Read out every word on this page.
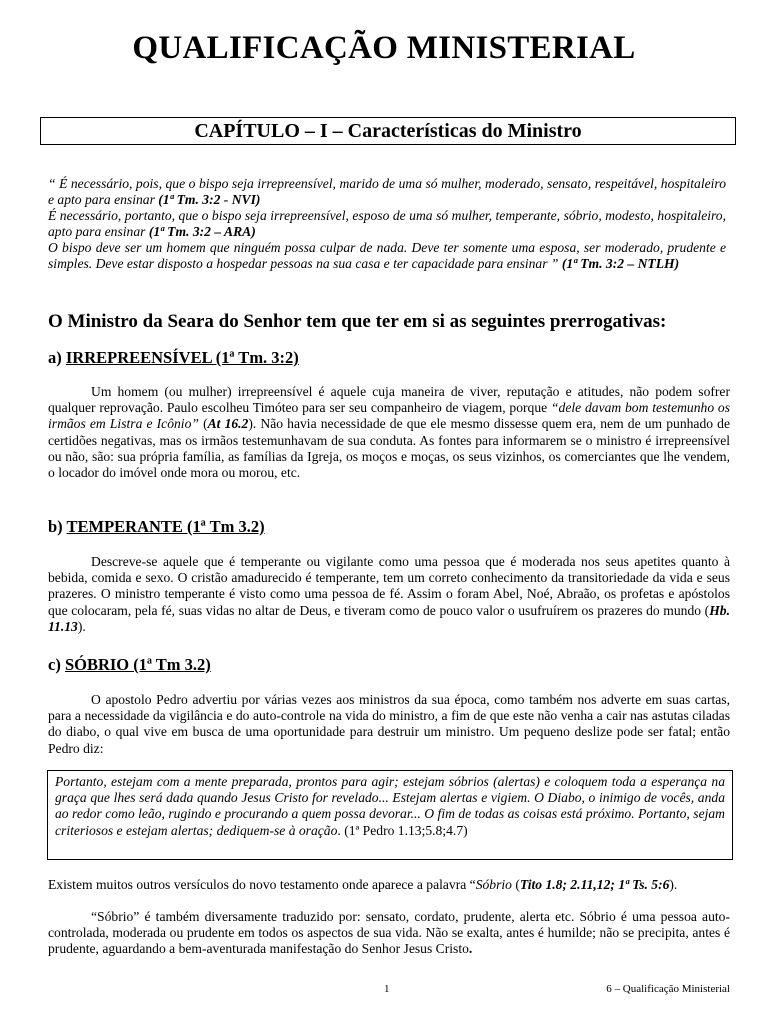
QUALIFICAÇÃO MINISTERIAL
CAPÍTULO – I – Características do Ministro

“ É necessário, pois, que o bispo seja irrepreensível, marido de uma só mulher, moderado, sensato, respeitável, hospitaleiro e apto para ensinar (1ª Tm. 3:2 - NVI)

É necessário, portanto, que o bispo seja irrepreensível, esposo de uma só mulher, temperante, sóbrio, modesto, hospitaleiro, apto para ensinar (1ª Tm. 3:2 – ARA)

O bispo deve ser um homem que ninguém possa culpar de nada. Deve ter somente uma esposa, ser moderado, prudente e simples. Deve estar disposto a hospedar pessoas na sua casa e ter capacidade para ensinar ” (1ª Tm. 3:2 – NTLH)

O Ministro da Seara do Senhor tem que ter em si as seguintes prerrogativas:
a) IRREPREENSÍVEL (1ª Tm. 3:2)

Um homem (ou mulher) irrepreensível é aquele cuja maneira de viver, reputação e atitudes, não podem sofrer qualquer reprovação. Paulo escolheu Timóteo para ser seu companheiro de viagem, porque “dele davam bom testemunho os irmãos em Listra e Icônio” (At 16.2). Não havia necessidade de que ele mesmo dissesse quem era, nem de um punhado de certidões negativas, mas os irmãos testemunhavam de sua conduta. As fontes para informarem se o ministro é irrepreensível ou não, são: sua própria família, as famílias da Igreja, os moços e moças, os seus vizinhos, os comerciantes que lhe vendem, o locador do imóvel onde mora ou morou, etc.

b) TEMPERANTE (1ª Tm 3.2)

Descreve-se aquele que é temperante ou vigilante como uma pessoa que é moderada nos seus apetites quanto à bebida, comida e sexo. O cristão amadurecido é temperante, tem um correto conhecimento da transitoriedade da vida e seus prazeres. O ministro temperante é visto como uma pessoa de fé. Assim o foram Abel, Noé, Abraão, os profetas e apóstolos que colocaram, pela fé, suas vidas no altar de Deus, e tiveram como de pouco valor o usufruírem os prazeres do mundo (Hb. 11.13).

c) SÓBRIO (1ª Tm 3.2)

O apostolo Pedro advertiu por várias vezes aos ministros da sua época, como também nos adverte em suas cartas, para a necessidade da vigilância e do auto-controle na vida do ministro, a fim de que este não venha a cair nas astutas ciladas do diabo, o qual vive em busca de uma oportunidade para destruir um ministro. Um pequeno deslize pode ser fatal; então Pedro diz:

Portanto, estejam com a mente preparada, prontos para agir; estejam sóbrios (alertas) e coloquem toda a esperança na graça que lhes será dada quando Jesus Cristo for revelado... Estejam alertas e vigiem. O Diabo, o inimigo de vocês, anda ao redor como leão, rugindo e procurando a quem possa devorar... O fim de todas as coisas está próximo. Portanto, sejam criteriosos e estejam alertas; dediquem-se à oração. (1ª Pedro 1.13;5.8;4.7)

Existem muitos outros versículos do novo testamento onde aparece a palavra “Sóbrio (Tito 1.8; 2.11,12; 1ª Ts. 5:6).

“Sóbrio” é também diversamente traduzido por: sensato, cordato, prudente, alerta etc. Sóbrio é uma pessoa auto-controlada, moderada ou prudente em todos os aspectos de sua vida. Não se exalta, antes é humilde; não se precipita, antes é prudente, aguardando a bem-aventurada manifestação do Senhor Jesus Cristo.

1	6 – Qualificação Ministerial
